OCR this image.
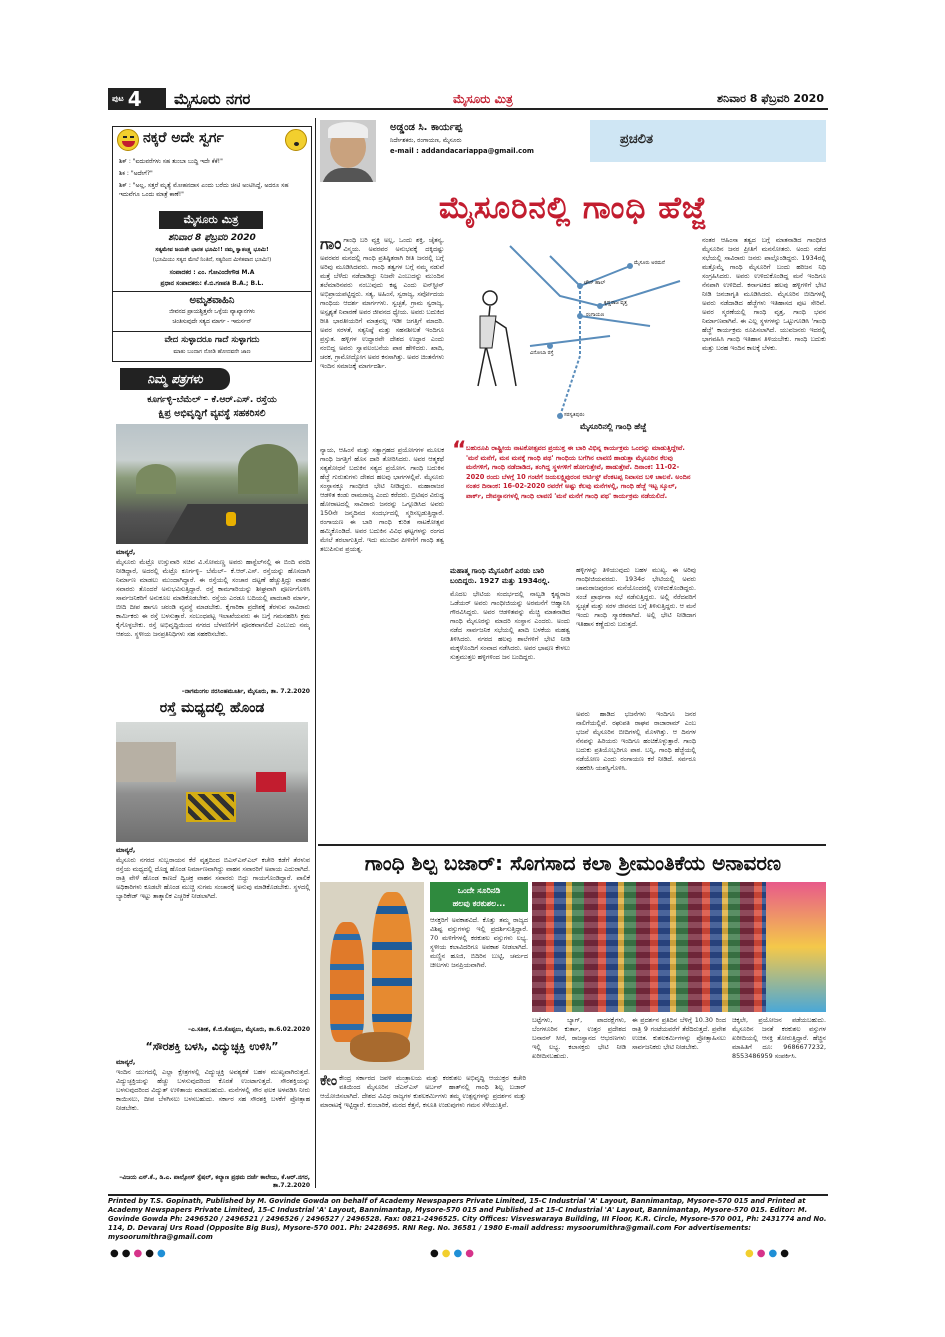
$^{ಪುಟ}$ 4	ಮೈಸೂರು ನಗರ	ಮೈಸೂರು ಮಿತ್ರ	ಶನಿವಾರ 8 ಫೆಬ್ರವರಿ 2020
ನಕ್ಕರೆ ಅದೇ ಸ್ವರ್ಗ
ಶಿಕ್ : "ಐದುವರೆಗಳು ಸಹ ತುಂಬಾ ಬುದ್ಧಿ ಇದೇ ಕೆಕೆ!"
ಶಿಕ : "ಅದೇಗೆ?"
ಶಿಕ್ : "ಅಲ್ಲ, ಸತ್ತರೆ ಮೃತ್ಯೆ ಮೋಹನದಾಸ ಎಂದು ಬರೆದು ಚೀಟಿ ಅಂಟಿಸಿದ್ದೆ, ಅದರೂ ಸಹ ಇದುವೆಗೂ ಒಂದು ಮಾತ್ರೆ ಕಾಣೆ!"
ಮೈಸೂರು ಮಿತ್ರ
ಶನಿವಾರ 8 ಫೆಬ್ರವರಿ 2020
ಸತ್ಯಮೇವ ಜಯತೇ ಭಾರತ ಭೂಮಿ!! ನಮ್ಮ ಸ್ವಾತಂತ್ರ್ಯ ಭೂಮಿ!
(ಭೂಮಿಯು ಸತ್ಯದ ಮೇಲೆ ನಿಂತಿದೆ, ಸತ್ಯದಿಂದ ಮಿಳಿತವಾದ ಭೂಮಿ!)
ಸಂಪಾದಕರ : ಎಂ. ಗೋವಿಂದೇಗೌಡ M.A
ಪ್ರಧಾನ ಸಂಪಾದಕರು: ಕೆ.ಬಿ.ಗಣಪತಿ B.A.; B.L.
ಅಮೃತವಾಹಿನಿ
ಜೀವನದ ಪ್ರಾಯಶ್ಚಿತ್ತವೇ ಒಳ್ಳೆಯ ವ್ಯಾಖ್ಯಾನಗಳು
ಚಿಂತಿಸುವುದೇ ಸತ್ಯದ ಮಾರ್ಗ - ಇಮರ್ಸನ್
ವೇದ ಸುಳ್ಳಾದರೂ ಗಾದೆ ಸುಳ್ಳಾಗದು
ಮಾತು ಬಂದಾಗ ನೋಡಿ ಹೋದವನೇ ಜಾಣ
ನಿಮ್ಮ ಪತ್ರಗಳು
ಕೂರ್ಗಳ್ಳಿ–ಬೆಮೆಲ್ – ಕೆ.ಆರ್.ಎಸ್. ರಸ್ತೆಯ
ಕ್ಷಿಪ್ರ ಅಭಿವೃದ್ಧಿಗೆ ವ್ಯವಸ್ಥೆ ಸಹಕರಿಸಲಿ
ಮಾನ್ಯರೆ,
ಮೈಸೂರು ಮೆಟ್ರೊ ಉಸ್ತುವಾರಿ ಸಚಿವ ವಿ.ಸೋಮಣ್ಣ ಅವರು ಹಾಸ್ಟೆಲ್‌ನಲ್ಲಿ ಈ ಬಿಂದಿ ವರದಿ ನೀಡಿದ್ದಾರೆ, ಅದರಲ್ಲಿ ಮೆಟ್ರೊ ಕೂರ್ಗಳ್ಳಿ– ಬೆಮೆಲ್– ಕೆ.ಆರ್.ಎಸ್. ರಸ್ತೆಯನ್ನು ಹೊಸದಾಗಿ ನಿರ್ಮಾಣ ಮಾಡಲು ಮುಂದಾಗಿದ್ದಾರೆ. ಈ ರಸ್ತೆಯಲ್ಲಿ ಸಂಚಾರ ದಟ್ಟಣೆ ಹೆಚ್ಚುತ್ತಿದ್ದು ವಾಹನ ಸವಾರರು ತೊಂದರೆ ಅನುಭವಿಸುತ್ತಿದ್ದಾರೆ. ರಸ್ತೆ ಕಾಮಗಾರಿಯನ್ನು ಶೀಘ್ರವಾಗಿ ಪೂರ್ಣಗೊಳಿಸಿ ಸಾರ್ವಜನಿಕರಿಗೆ ಅನುಕೂಲ ಮಾಡಿಕೊಡಬೇಕು. ರಸ್ತೆಯ ಎರಡೂ ಬದಿಯಲ್ಲಿ ಪಾದಚಾರಿ ಮಾರ್ಗ, ಬೀದಿ ದೀಪ ಹಾಗೂ ಚರಂಡಿ ವ್ಯವಸ್ಥೆ ಮಾಡಬೇಕು. ಕೈಗಾರಿಕಾ ಪ್ರದೇಶಕ್ಕೆ ತೆರಳುವ ಸಾವಿರಾರು ಕಾರ್ಮಿಕರು ಈ ರಸ್ತೆ ಬಳಸುತ್ತಾರೆ. ಸಂಬಂಧಪಟ್ಟ ಇಲಾಖೆಯವರು ಈ ಬಗ್ಗೆ ಗಮನಹರಿಸಿ ಕ್ರಮ ಕೈಗೊಳ್ಳಬೇಕು. ರಸ್ತೆ ಅಭಿವೃದ್ಧಿಯಿಂದ ನಗರದ ಬೆಳವಣಿಗೆಗೆ ಪೂರಕವಾಗಲಿದೆ ಎಂಬುದು ನಮ್ಮ ಆಶಯ. ಸ್ಥಳೀಯ ಜನಪ್ರತಿನಿಧಿಗಳು ಸಹ ಸಹಕರಿಸಬೇಕು.
–ನಾಗಮಂಗಲ ನರಸಿಂಹಮೂರ್ತಿ, ಮೈಸೂರು, ತಾ. 7.2.2020
ರಸ್ತೆ ಮಧ್ಯದಲ್ಲಿ ಹೊಂಡ
ಮಾನ್ಯರೆ,
ಮೈಸೂರು ನಗರದ ಸುಬ್ಬರಾಯನ ಕೆರೆ ವೃತ್ತದಿಂದ ಬಿಎಸ್‌ಎನ್‌ಎಲ್ ಕಚೇರಿ ಕಡೆಗೆ ತೆರಳುವ ರಸ್ತೆಯ ಮಧ್ಯದಲ್ಲಿ ದೊಡ್ಡ ಹೊಂಡ ನಿರ್ಮಾಣವಾಗಿದ್ದು ವಾಹನ ಸವಾರರಿಗೆ ಅಪಾಯ ಎದುರಾಗಿದೆ. ರಾತ್ರಿ ವೇಳೆ ಹೊಂಡ ಕಾಣದೆ ದ್ವಿಚಕ್ರ ವಾಹನ ಸವಾರರು ಬಿದ್ದು ಗಾಯಗೊಂಡಿದ್ದಾರೆ. ಪಾಲಿಕೆ ಅಧಿಕಾರಿಗಳು ಕೂಡಲೇ ಹೊಂಡ ಮುಚ್ಚಿ ಸುಗಮ ಸಂಚಾರಕ್ಕೆ ಅನುವು ಮಾಡಿಕೊಡಬೇಕು. ಸ್ಥಳದಲ್ಲಿ ಬ್ಯಾರಿಕೇಡ್ ಇಟ್ಟು ತಾತ್ಕಾಲಿಕ ಎಚ್ಚರಿಕೆ ನೀಡಲಾಗಿದೆ.
–ಎ.ಸತೀಶ, ಕೆ.ಜಿ.ಕೊಪ್ಪಲು, ಮೈಸೂರು, ತಾ.6.02.2020
“ಸೌರಶಕ್ತಿ ಬಳಸಿ, ವಿದ್ಯುಚ್ಛಕ್ತಿ ಉಳಿಸಿ”
ಮಾನ್ಯರೆ,
ಇಂದಿನ ಯುಗದಲ್ಲಿ ಎಲ್ಲಾ ಕ್ಷೇತ್ರಗಳಲ್ಲಿ ವಿದ್ಯುಚ್ಛಕ್ತಿ ಅವಶ್ಯಕತೆ ಬಹಳ ಮುಖ್ಯವಾಗಿರುತ್ತದೆ. ವಿದ್ಯುಚ್ಛಕ್ತಿಯನ್ನು ಹೆಚ್ಚು ಬಳಸುವುದರಿಂದ ಕೊರತೆ ಉಂಟಾಗುತ್ತದೆ. ಸೌರಶಕ್ತಿಯನ್ನು ಬಳಸುವುದರಿಂದ ವಿದ್ಯುತ್ ಉಳಿತಾಯ ಮಾಡಬಹುದು. ಮನೆಗಳಲ್ಲಿ ಸೌರ ಫಲಕ ಅಳವಡಿಸಿ ನೀರು ಕಾಯಿಸಲು, ದೀಪ ಬೆಳಗಿಸಲು ಬಳಸಬಹುದು. ಸರ್ಕಾರ ಸಹ ಸೌರಶಕ್ತಿ ಬಳಕೆಗೆ ಪ್ರೋತ್ಸಾಹ ನೀಡಬೇಕು.
–ವಿಜಯ ಎಸ್.ಕೆ., ಡಿ.ಎ. ಪಾಲ್ಸೋಸ್ ಸ್ಪೆಷಲ್, ಕಲ್ಯಾಣ ಪ್ರಥಮ ದರ್ಜೆ ಕಾಲೇಜು, ಕೆ.ಆರ್.ನಗರ, ತಾ.7.2.2020
ಅಡ್ಡಂಡ ಸಿ. ಕಾರ್ಯಪ್ಪ
ನಿರ್ದೇಶಕರು, ರಂಗಾಯಣ, ಮೈಸೂರು
e-mail : addandacariappa@gmail.com
ಪ್ರಚಲಿತ
ಮೈಸೂರಿನಲ್ಲಿ ಗಾಂಧಿ ಹೆಜ್ಜೆ
ಮೈಸೂರು ಅರಮನೆ
ಟೌನ್ ಹಾಲ್
ಕೃಷ್ಣರಾಜ ವೃತ್ತ
ರಂಗಾಯಣ
ವಿನೋಬಾ ರಸ್ತೆ
ಸರಸ್ವತಿಪುರಂ
ಮೈಸೂರಿನಲ್ಲಿ ಗಾಂಧಿ ಹೆಜ್ಜೆ
ಗಾಂಗಾಂಧಿ ಬರಿ ವ್ಯಕ್ತಿ ಅಲ್ಲ, ಒಂದು ಶಕ್ತಿ, ಚೈತನ್ಯ, ವಿಸ್ಮಯ. ಅವರವರ ಅನುಭವಕ್ಕೆ ದಕ್ಕಿದಷ್ಟು ಅವರವರ ಮನದಲ್ಲಿ ಗಾಂಧಿ ಪ್ರತಿಷ್ಠಿತರಾಗಿ ರೀತಿ ಜನರಲ್ಲಿ ಬಗ್ಗೆ ಅರಿವು ಮೂಡಿಸಿದವರು. ಗಾಂಧಿ ತತ್ವಗಳ ಬಗ್ಗೆ ನಮ್ಮ ನಡುವೆ ಮತ್ತೆ ಬೆಳೆದು ನಡೆದಾಡಿದ್ದು ನಿಜವೇ ಎಂಬುದನ್ನು ಮುಂದಿನ ತಲೆಮಾರಿನವರು ನಂಬುವುದು ಕಷ್ಟ ಎಂದು ಐನ್‌ಸ್ಟೀನ್ ಅಭಿಪ್ರಾಯಪಟ್ಟಿದ್ದರು. ಸತ್ಯ, ಅಹಿಂಸೆ, ಸ್ವರಾಜ್ಯ, ಸರ್ವೋದಯ ಗಾಂಧಿಯ ಆದರ್ಶ ಮಾರ್ಗಗಳು. ಸ್ವಚ್ಛತೆ, ಗ್ರಾಮ ಸ್ವರಾಜ್ಯ, ಅಸ್ಪೃಶ್ಯತೆ ನಿವಾರಣೆ ಅವರ ಜೀವನದ ಧ್ಯೇಯ. ಅವರು ಬದುಕಿದ ರೀತಿ ಭಾರತೀಯರಿಗೆ ಮಾತ್ರವಲ್ಲ ಇಡೀ ಜಗತ್ತಿಗೆ ಮಾದರಿ. ಅವರ ಸರಳತೆ, ಸತ್ಯನಿಷ್ಠೆ ಮತ್ತು ಸಹನಶೀಲತೆ ಇಂದಿಗೂ ಪ್ರಸ್ತುತ. ಹಳ್ಳಿಗಳ ಉದ್ಧಾರವೇ ದೇಶದ ಉದ್ಧಾರ ಎಂದು ನಂಬಿದ್ದ ಅವರು ಸ್ವಾವಲಂಬನೆಯ ಪಾಠ ಹೇಳಿದರು. ಖಾದಿ, ಚರಕ, ಗ್ರಾಮೋದ್ಯೋಗ ಅವರ ಕನಸಾಗಿತ್ತು. ಅವರ ಚಿಂತನೆಗಳು ಇಂದಿನ ಸಮಾಜಕ್ಕೆ ಮಾರ್ಗದರ್ಶಿ.
ನ್ಯಾಯ, ಆಹಿಂಸೆ ಮತ್ತು ಸತ್ಯಾಗ್ರಹದ ಪ್ರಯೋಗಗಳ ಮೂಲಕ ಗಾಂಧಿ ಜಗತ್ತಿಗೆ ಹೊಸ ದಾರಿ ತೋರಿಸಿದರು. ಅವರ ಆತ್ಮಕಥೆ ಸತ್ಯಶೋಧನೆ ಬದುಕಿನ ಸತ್ಯದ ಪ್ರಯೋಗ. ಗಾಂಧಿ ಬದುಕಿನ ಹೆಜ್ಜೆ ಗುರುತುಗಳು ದೇಶದ ಹಲವು ಭಾಗಗಳಲ್ಲಿವೆ. ಮೈಸೂರು ಸಂಸ್ಥಾನಕ್ಕೂ ಗಾಂಧೀಜಿ ಭೇಟಿ ನೀಡಿದ್ದರು. ಮಹಾರಾಜರ ಆಡಳಿತ ಕಂಡು ರಾಮರಾಜ್ಯ ಎಂದು ಕರೆದರು. ಬ್ರಿಟಿಷರ ವಿರುದ್ಧ ಹೋರಾಟದಲ್ಲಿ ಸಾವಿರಾರು ಜನರನ್ನು ಒಗ್ಗೂಡಿಸಿದ ಅವರು 150ನೇ ಜನ್ಮದಿನದ ಸಂದರ್ಭದಲ್ಲಿ ಸ್ಮರಿಸಲ್ಪಡುತ್ತಿದ್ದಾರೆ. ರಂಗಾಯಣ ಈ ಬಾರಿ ಗಾಂಧಿ ಕುರಿತ ನಾಟಕೋತ್ಸವ ಹಮ್ಮಿಕೊಂಡಿದೆ. ಅವರ ಬದುಕಿನ ವಿವಿಧ ಘಟ್ಟಗಳನ್ನು ರಂಗದ ಮೇಲೆ ತರಲಾಗುತ್ತಿದೆ. ಇದು ಮುಂದಿನ ಪೀಳಿಗೆಗೆ ಗಾಂಧಿ ತತ್ವ ತಲುಪಿಸುವ ಪ್ರಯತ್ನ.
ನಂತರ ಆಹಿಂಸಾ ತತ್ವದ ಬಗ್ಗೆ ಮಾತನಾಡಿದ ಗಾಂಧೀಜಿ ಮೈಸೂರಿನ ಜನರ ಪ್ರೀತಿಗೆ ಮನಸೋತರು. ಅಂದು ನಡೆದ ಸಭೆಯಲ್ಲಿ ಸಾವಿರಾರು ಜನರು ಪಾಲ್ಗೊಂಡಿದ್ದರು. 1934ರಲ್ಲಿ ಮತ್ತೊಮ್ಮೆ ಗಾಂಧಿ ಮೈಸೂರಿಗೆ ಬಂದು ಹರಿಜನ ನಿಧಿ ಸಂಗ್ರಹಿಸಿದರು. ಅವರು ಉಳಿದುಕೊಂಡಿದ್ದ ಮನೆ ಇಂದಿಗೂ ನೆನಪಾಗಿ ಉಳಿದಿದೆ. ಕರ್ನಾಟಕದ ಹಲವು ಹಳ್ಳಿಗಳಿಗೆ ಭೇಟಿ ನೀಡಿ ಜನಜಾಗೃತಿ ಮೂಡಿಸಿದರು. ಮೈಸೂರಿನ ಬೀದಿಗಳಲ್ಲಿ ಅವರು ನಡೆದಾಡಿದ ಹೆಜ್ಜೆಗಳು ಇತಿಹಾಸದ ಪುಟ ಸೇರಿವೆ. ಅವರ ಸ್ಮರಣೆಯಲ್ಲಿ ಗಾಂಧಿ ವೃತ್ತ, ಗಾಂಧಿ ಭವನ ನಿರ್ಮಾಣವಾಗಿವೆ. ಈ ಎಲ್ಲ ಸ್ಥಳಗಳನ್ನು ಒಟ್ಟುಗೂಡಿಸಿ 'ಗಾಂಧಿ ಹೆಜ್ಜೆ' ಕಾರ್ಯಕ್ರಮ ರೂಪಿಸಲಾಗಿದೆ. ಯುವಜನರು ಇದರಲ್ಲಿ ಭಾಗವಹಿಸಿ ಗಾಂಧಿ ಇತಿಹಾಸ ತಿಳಿಯಬೇಕು. ಗಾಂಧಿ ಬದುಕು ಮತ್ತು ಬರಹ ಇಂದಿನ ಕಾಲಕ್ಕೆ ಬೆಳಕು.
“ ಬಹುರೂಪಿ ರಾಷ್ಟ್ರೀಯ ನಾಟಕೋತ್ಸವದ ಪ್ರಯುಕ್ತ ಈ ಬಾರಿ ವಿಭಿನ್ನ ಕಾರ್ಯಕ್ರಮ ಒಂದನ್ನು ಮಾಡುತ್ತಿದ್ದೇವೆ. 'ಮನೆ ಮನೆಗೆ, ಮನ ಮನಕ್ಕೆ ಗಾಂಧಿ ಪಥ' ಗಾಂಧಿಯ ಬಗೆಗಿನ ಲಾವಣಿ ಹಾಡುತ್ತಾ ಮೈಸೂರಿನ ಕೆಲವು ಮನೆಗಳಿಗೆ, ಗಾಂಧಿ ನಡೆದಾಡಿದ, ತಂಗಿದ್ದ ಸ್ಥಳಗಳಿಗೆ ಹೋಗುತ್ತೇವೆ, ಹಾಡುತ್ತೇವೆ. ದಿನಾಂಕ: 11-02-2020 ರಂದು ಬೆಳಗ್ಗೆ 10 ಗಂಟೆಗೆ ಜಯಲಕ್ಷ್ಮಿಪುರಂನ ಆರ್ಟಿಸ್ಟ್ ವೆಂಕಟಪ್ಪ ನಿವಾಸದ ಬಳಿ ಚಾಲನೆ. ಅಂದಿನ ನಂತರ ದಿನಾಂಕ: 16-02-2020 ರವರೆಗೆ ಅಷ್ಟು ಕೆಲವು ಮನೆಗಳಲ್ಲಿ, ಗಾಂಧಿ ಹೆಜ್ಜೆ ಇಟ್ಟ ಸ್ಕೂಲ್, ಪಾರ್ಕ್, ದೇವಸ್ಥಾನಗಳಲ್ಲಿ ಗಾಂಧಿ ಲಾವಣಿ 'ಮನೆ ಮನೆಗೆ ಗಾಂಧಿ ಪಥ' ಕಾರ್ಯಕ್ರಮ ನಡೆಯಲಿದೆ.
ಮಹಾತ್ಮ ಗಾಂಧಿ ಮೈಸೂರಿಗೆ ಎರಡು ಬಾರಿ ಬಂದಿದ್ದರು. 1927 ಮತ್ತು 1934ರಲ್ಲಿ.
ಮೊದಲ ಭೇಟಿಯ ಸಂದರ್ಭದಲ್ಲಿ ನಾಲ್ವಡಿ ಕೃಷ್ಣರಾಜ ಒಡೆಯರ್ ಅವರು ಗಾಂಧೀಜಿಯನ್ನು ಅರಮನೆಗೆ ಆಹ್ವಾನಿಸಿ ಗೌರವಿಸಿದ್ದರು. ಅವರ ಆಡಳಿತವನ್ನು ಮೆಚ್ಚಿ ಮಾತನಾಡಿದ ಗಾಂಧಿ ಮೈಸೂರನ್ನು ಮಾದರಿ ಸಂಸ್ಥಾನ ಎಂದರು. ಅಂದು ನಡೆದ ಸಾರ್ವಜನಿಕ ಸಭೆಯಲ್ಲಿ ಖಾದಿ ಬಳಕೆಯ ಮಹತ್ವ ತಿಳಿಸಿದರು. ನಗರದ ಹಲವು ಶಾಲೆಗಳಿಗೆ ಭೇಟಿ ನೀಡಿ ಮಕ್ಕಳೊಂದಿಗೆ ಸಂವಾದ ನಡೆಸಿದರು. ಅವರ ಭಾಷಣ ಕೇಳಲು ಸುತ್ತಮುತ್ತಲ ಹಳ್ಳಿಗಳಿಂದ ಜನ ಬಂದಿದ್ದರು.
ಹಳ್ಳಿಗಳನ್ನು ತಿಳಿಯುವುದು ಬಹಳ ಮುಖ್ಯ. ಈ ಅರಿವು ಗಾಂಧೀಜಿಯವರದು. 1934ರ ಭೇಟಿಯಲ್ಲಿ ಅವರು ಚಾಮರಾಜಪುರಂನ ಮನೆಯೊಂದರಲ್ಲಿ ಉಳಿದುಕೊಂಡಿದ್ದರು. ಸಂಜೆ ಪ್ರಾರ್ಥನಾ ಸಭೆ ನಡೆಸುತ್ತಿದ್ದರು. ಅಲ್ಲಿ ನೆರೆದವರಿಗೆ ಸ್ವಚ್ಛತೆ ಮತ್ತು ಸರಳ ಜೀವನದ ಬಗ್ಗೆ ತಿಳಿಸುತ್ತಿದ್ದರು. ಆ ಮನೆ ಇಂದು ಗಾಂಧಿ ಸ್ಮಾರಕವಾಗಿದೆ. ಅಲ್ಲಿ ಭೇಟಿ ನೀಡಿದಾಗ ಇತಿಹಾಸ ಕಣ್ಣೆದುರು ಬರುತ್ತದೆ.
ಅವರು ಹಾಡಿದ ಭಜನೆಗಳು ಇಂದಿಗೂ ಜನರ ನಾಲಿಗೆಯಲ್ಲಿವೆ. ರಘುಪತಿ ರಾಘವ ರಾಜಾರಾಮ್ ಎಂಬ ಭಜನೆ ಮೈಸೂರಿನ ಬೀದಿಗಳಲ್ಲಿ ಮೊಳಗಿತ್ತು. ಆ ದಿನಗಳ ನೆನಪನ್ನು ಹಿರಿಯರು ಇಂದಿಗೂ ಹಂಚಿಕೊಳ್ಳುತ್ತಾರೆ. ಗಾಂಧಿ ಬದುಕು ಪ್ರತಿಯೊಬ್ಬರಿಗೂ ಪಾಠ. ಬನ್ನಿ, ಗಾಂಧಿ ಹೆಜ್ಜೆಯಲ್ಲಿ ನಡೆಯೋಣ ಎಂದು ರಂಗಾಯಣ ಕರೆ ನೀಡಿದೆ. ಸರ್ವರೂ ಸಹಕರಿಸಿ ಯಶಸ್ವಿಗೊಳಿಸಿ.
ಗಾಂಧಿ ಶಿಲ್ಪ ಬಜಾರ್: ಸೊಗಸಾದ ಕಲಾ ಶ್ರೀಮಂತಿಕೆಯ ಅನಾವರಣ
ಒಂದೇ ಸೂರಿನಡಿ
ಹಲವು ಕರಕುಶಲ...
ಆಸಕ್ತರಿಗೆ ಅವಕಾಶವಿದೆ. ಕೊತ್ತು ತಮ್ಮ ರಾಜ್ಯದ ವಿಶಿಷ್ಟ ವಸ್ತುಗಳನ್ನು ಇಲ್ಲಿ ಪ್ರದರ್ಶಿಸುತ್ತಿದ್ದಾರೆ. 70 ಮಳಿಗೆಗಳಲ್ಲಿ ಕರಕುಶಲ ವಸ್ತುಗಳು ಲಭ್ಯ. ಸ್ಥಳೀಯ ಕಲಾವಿದರಿಗೂ ಅವಕಾಶ ನೀಡಲಾಗಿದೆ. ಮಣ್ಣಿನ ಹೂಜಿ, ಬಿದಿರಿನ ಬುಟ್ಟಿ, ಚರ್ಮದ ಚೀಲಗಳು ಜನಪ್ರಿಯವಾಗಿವೆ.
ಕೇಂಕೇಂದ್ರ ಸರ್ಕಾರದ ಜವಳಿ ಮಂತ್ರಾಲಯ ಮತ್ತು ಕರಕುಶಲ ಅಭಿವೃದ್ಧಿ ಆಯುಕ್ತರ ಕಚೇರಿ ವತಿಯಿಂದ ಮೈಸೂರಿನ ಜೆಎಸ್‌ಎಸ್ ಅರ್ಬನ್ ಹಾತ್‌ನಲ್ಲಿ ಗಾಂಧಿ ಶಿಲ್ಪ ಬಜಾರ್ ಆಯೋಜಿಸಲಾಗಿದೆ. ದೇಶದ ವಿವಿಧ ರಾಜ್ಯಗಳ ಕುಶಲಕರ್ಮಿಗಳು ತಮ್ಮ ಉತ್ಪನ್ನಗಳನ್ನು ಪ್ರದರ್ಶನ ಮತ್ತು ಮಾರಾಟಕ್ಕೆ ಇಟ್ಟಿದ್ದಾರೆ. ಕುಂಬಾರಿಕೆ, ಮರದ ಕೆತ್ತನೆ, ಕಸೂತಿ ಉಡುಪುಗಳು ಗಮನ ಸೆಳೆಯುತ್ತಿವೆ.
ಬಟ್ಟೆಗಳು, ಬ್ಯಾಗ್, ಪಾದರಕ್ಷೆಗಳು, ಬೆಂಗಳೂರಿನ ಕುರ್ತಾ, ಉತ್ತರ ಪ್ರದೇಶದ ಬನಾರಸ್ ಸೀರೆ, ರಾಜಸ್ಥಾನದ ಆಭರಣಗಳು ಇಲ್ಲಿ ಲಭ್ಯ. ಕಲಾಸಕ್ತರು ಭೇಟಿ ನೀಡಿ ಖರೀದಿಸಬಹುದು.
ಈ ಪ್ರದರ್ಶನ ಪ್ರತಿದಿನ ಬೆಳಿಗ್ಗೆ 10.30 ರಿಂದ ರಾತ್ರಿ 9 ಗಂಟೆಯವರೆಗೆ ತೆರೆದಿರುತ್ತದೆ. ಪ್ರವೇಶ ಉಚಿತ. ಕುಶಲಕರ್ಮಿಗಳನ್ನು ಪ್ರೋತ್ಸಾಹಿಸಲು ಸಾರ್ವಜನಿಕರು ಭೇಟಿ ನೀಡಬೇಕು.
ಚಿಕ್ಕಲೇ, ಪ್ರಯೋಜನ ಪಡೆಯಬಹುದು. ಮೈಸೂರಿನ ಜನತೆ ಕರಕುಶಲ ವಸ್ತುಗಳ ಖರೀದಿಯಲ್ಲಿ ಆಸಕ್ತಿ ತೋರುತ್ತಿದ್ದಾರೆ. ಹೆಚ್ಚಿನ ಮಾಹಿತಿಗೆ ದೂ: 9686677232, 8553486959 ಸಂಪರ್ಕಿಸಿ.
Printed by T.S. Gopinath, Published by M. Govinde Gowda on behalf of Academy Newspapers Private Limited, 15-C Industrial 'A' Layout, Bannimantap, Mysore-570 015 and Printed at Academy Newspapers Private Limited, 15-C Industrial 'A' Layout, Bannimantap, Mysore-570 015 and Published at 15-C Industrial 'A' Layout, Bannimantap, Mysore-570 015. Editor: M. Govinde Gowda Ph: 2496520 / 2496521 / 2496526 / 2496527 / 2496528. Fax: 0821-2496525. City Offices: Visveswaraya Building, III Floor, K.R. Circle, Mysore-570 001, Ph: 2431774 and No. 114, D. Devaraj Urs Road (Opposite Big Bus), Mysore-570 001. Ph: 2428695. RNI Reg. No. 36581 / 1980 E-mail address: mysoorumithra@gmail.com For advertisements: mysoorumithra@gmail.com
●●●●●	●●●●	●●●●
